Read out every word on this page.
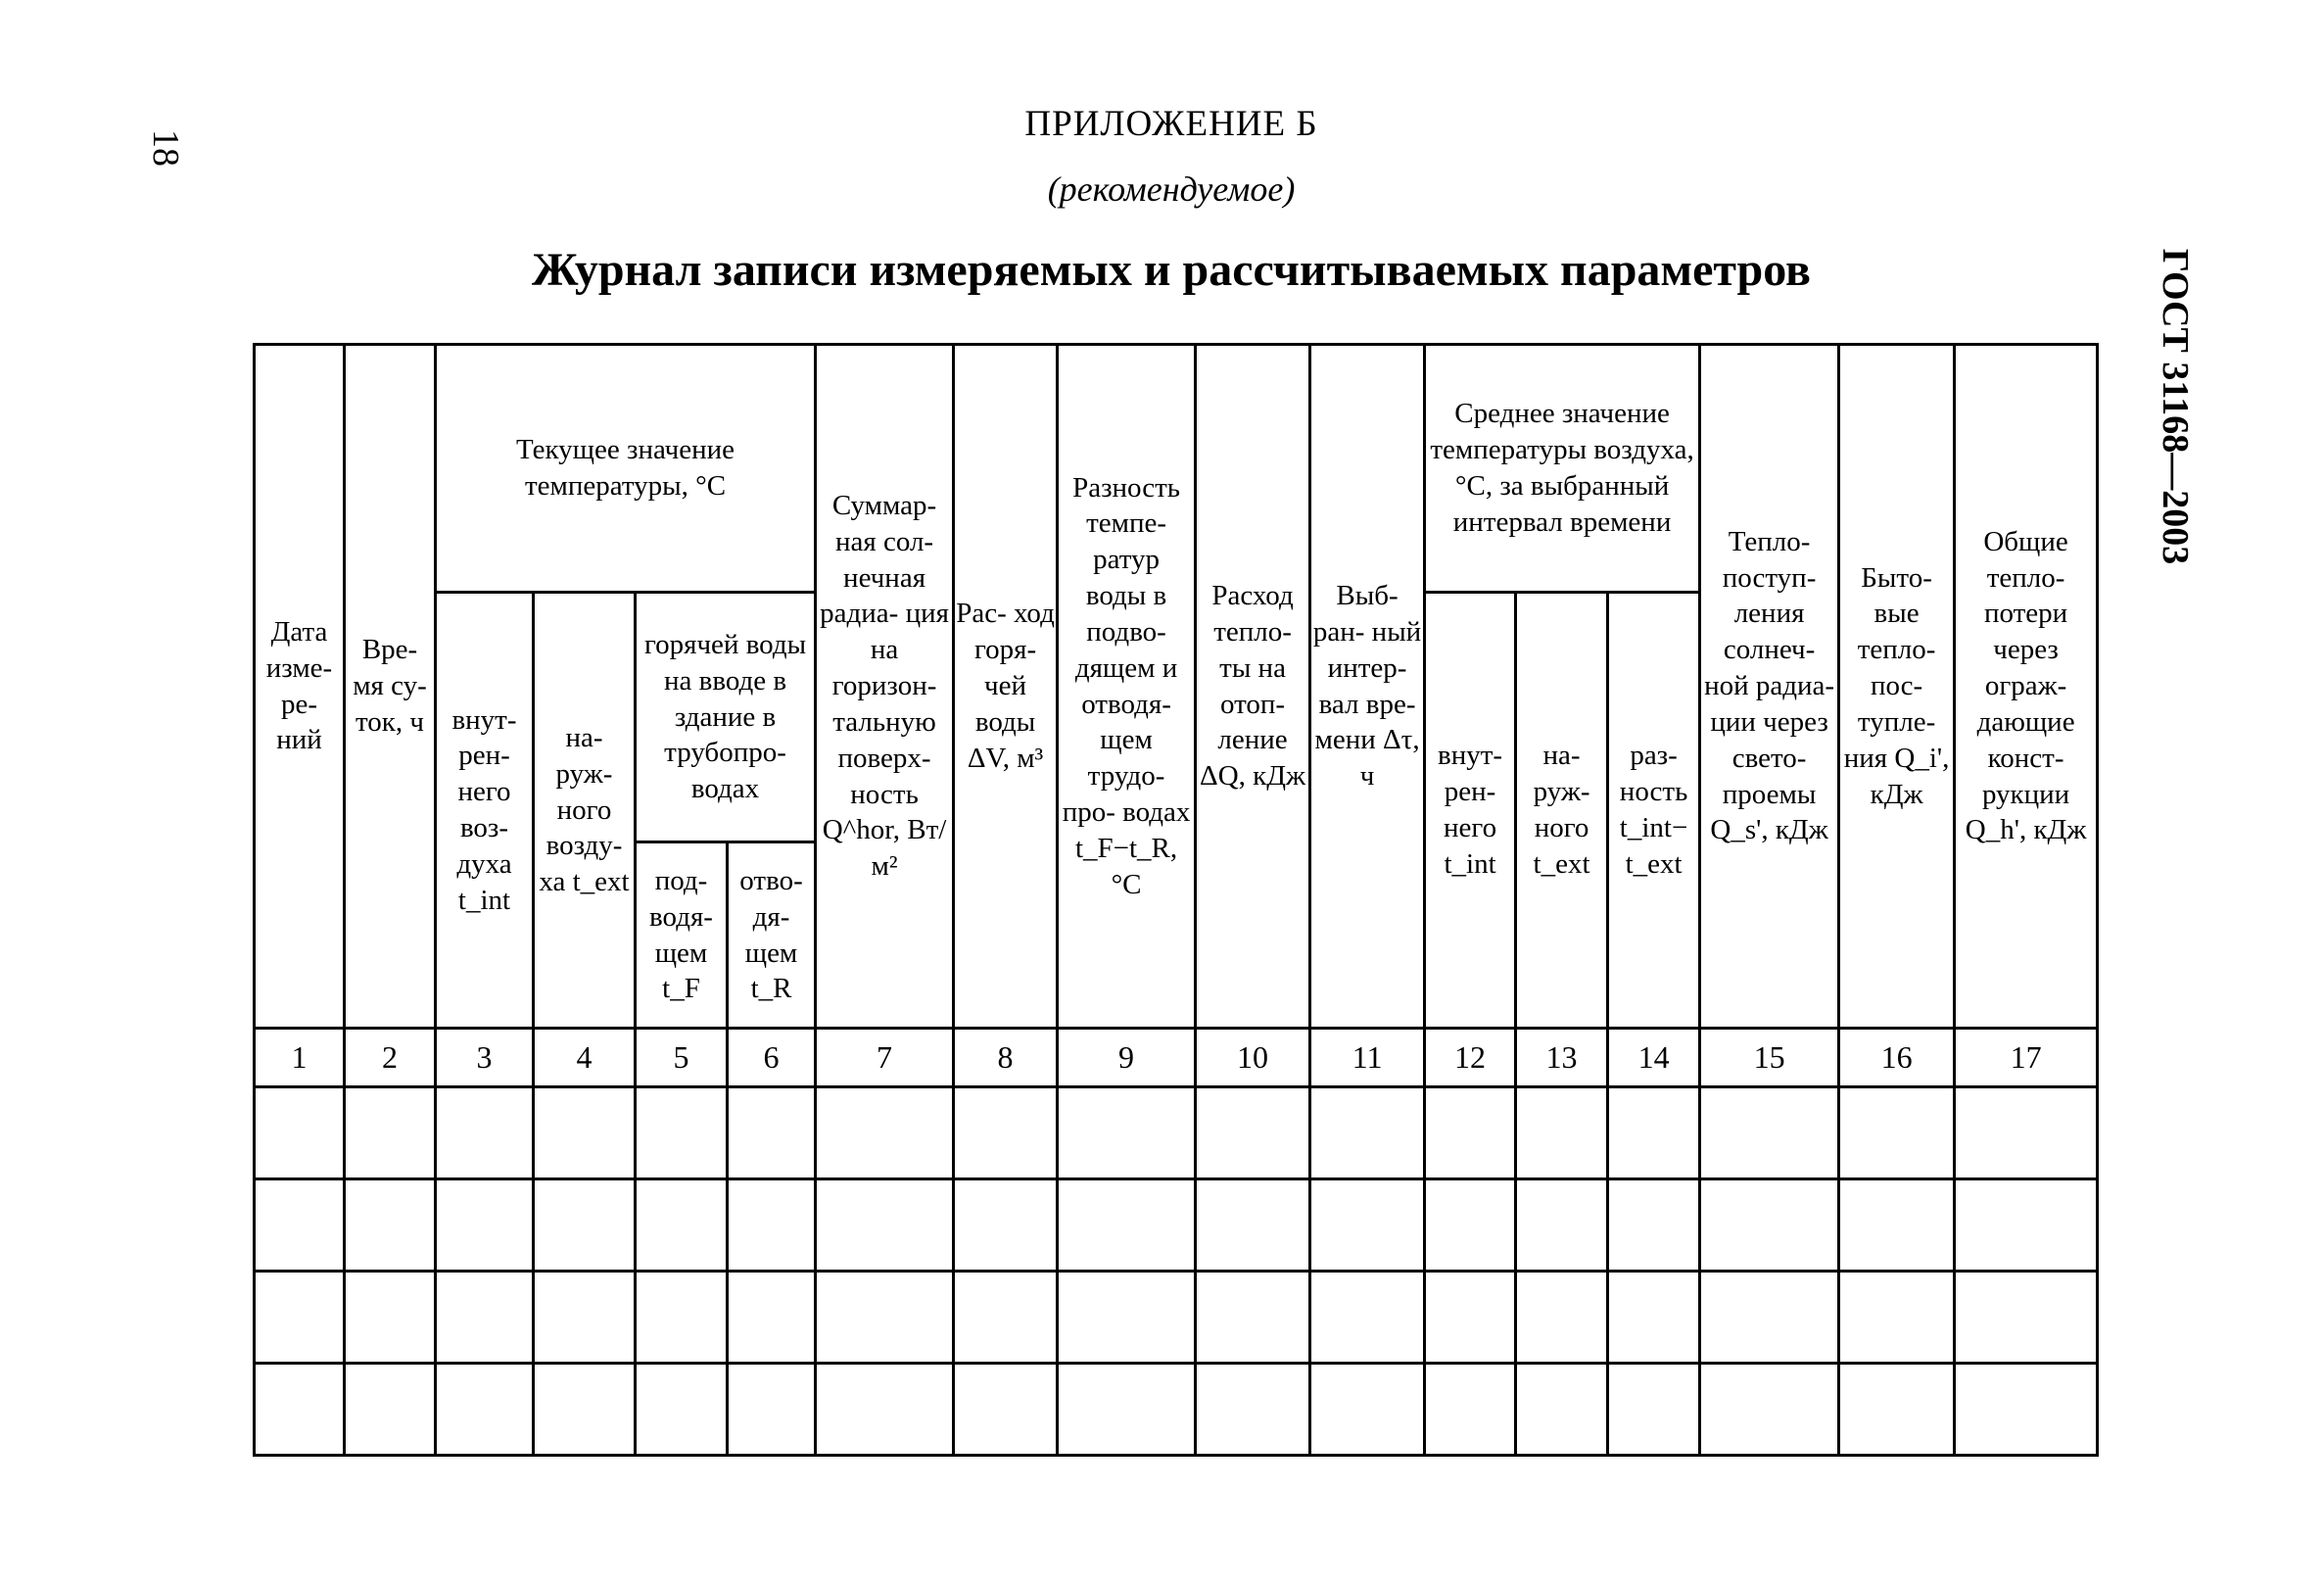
18
ГОСТ 31168—2003
ПРИЛОЖЕНИЕ Б
(рекомендуемое)
Журнал записи измеряемых и рассчитываемых параметров
Дата изме- ре- ний	Вре- мя су- ток, ч	Текущее значение температуры, °С				Суммар- ная сол- нечная радиа- ция на горизон- тальную поверх- ность Q^hor, Вт/м²	Рас- ход горя- чей воды ΔV, м³	Разность темпе- ратур воды в подво- дящем и отводя- щем трудо- про- водах t_F−t_R, °С	Расход тепло- ты на отоп- ление ΔQ, кДж	Выб- ран- ный интер- вал вре- мени Δτ, ч	Среднее значение температуры воздуха, °С, за выбранный интервал времени			Тепло- поступ- ления солнеч- ной радиа- ции через свето- проемы Q_s', кДж	Быто- вые тепло- пос- тупле- ния Q_i', кДж	Общие тепло- потери через ограж- дающие конст- рукции Q_h', кДж

		внут- рен- него воз- духа t_int	на- руж- ного возду- ха t_ext	горячей воды на вводе в здание в трубопро- водах							внут- рен- него t_int	на- руж- ного t_ext	раз- ность t_int− t_ext			

				под- водя- щем t_F	отво- дя- щем t_R											

1	2	3	4	5	6	7	8	9	10	11	12	13	14	15	16	17
